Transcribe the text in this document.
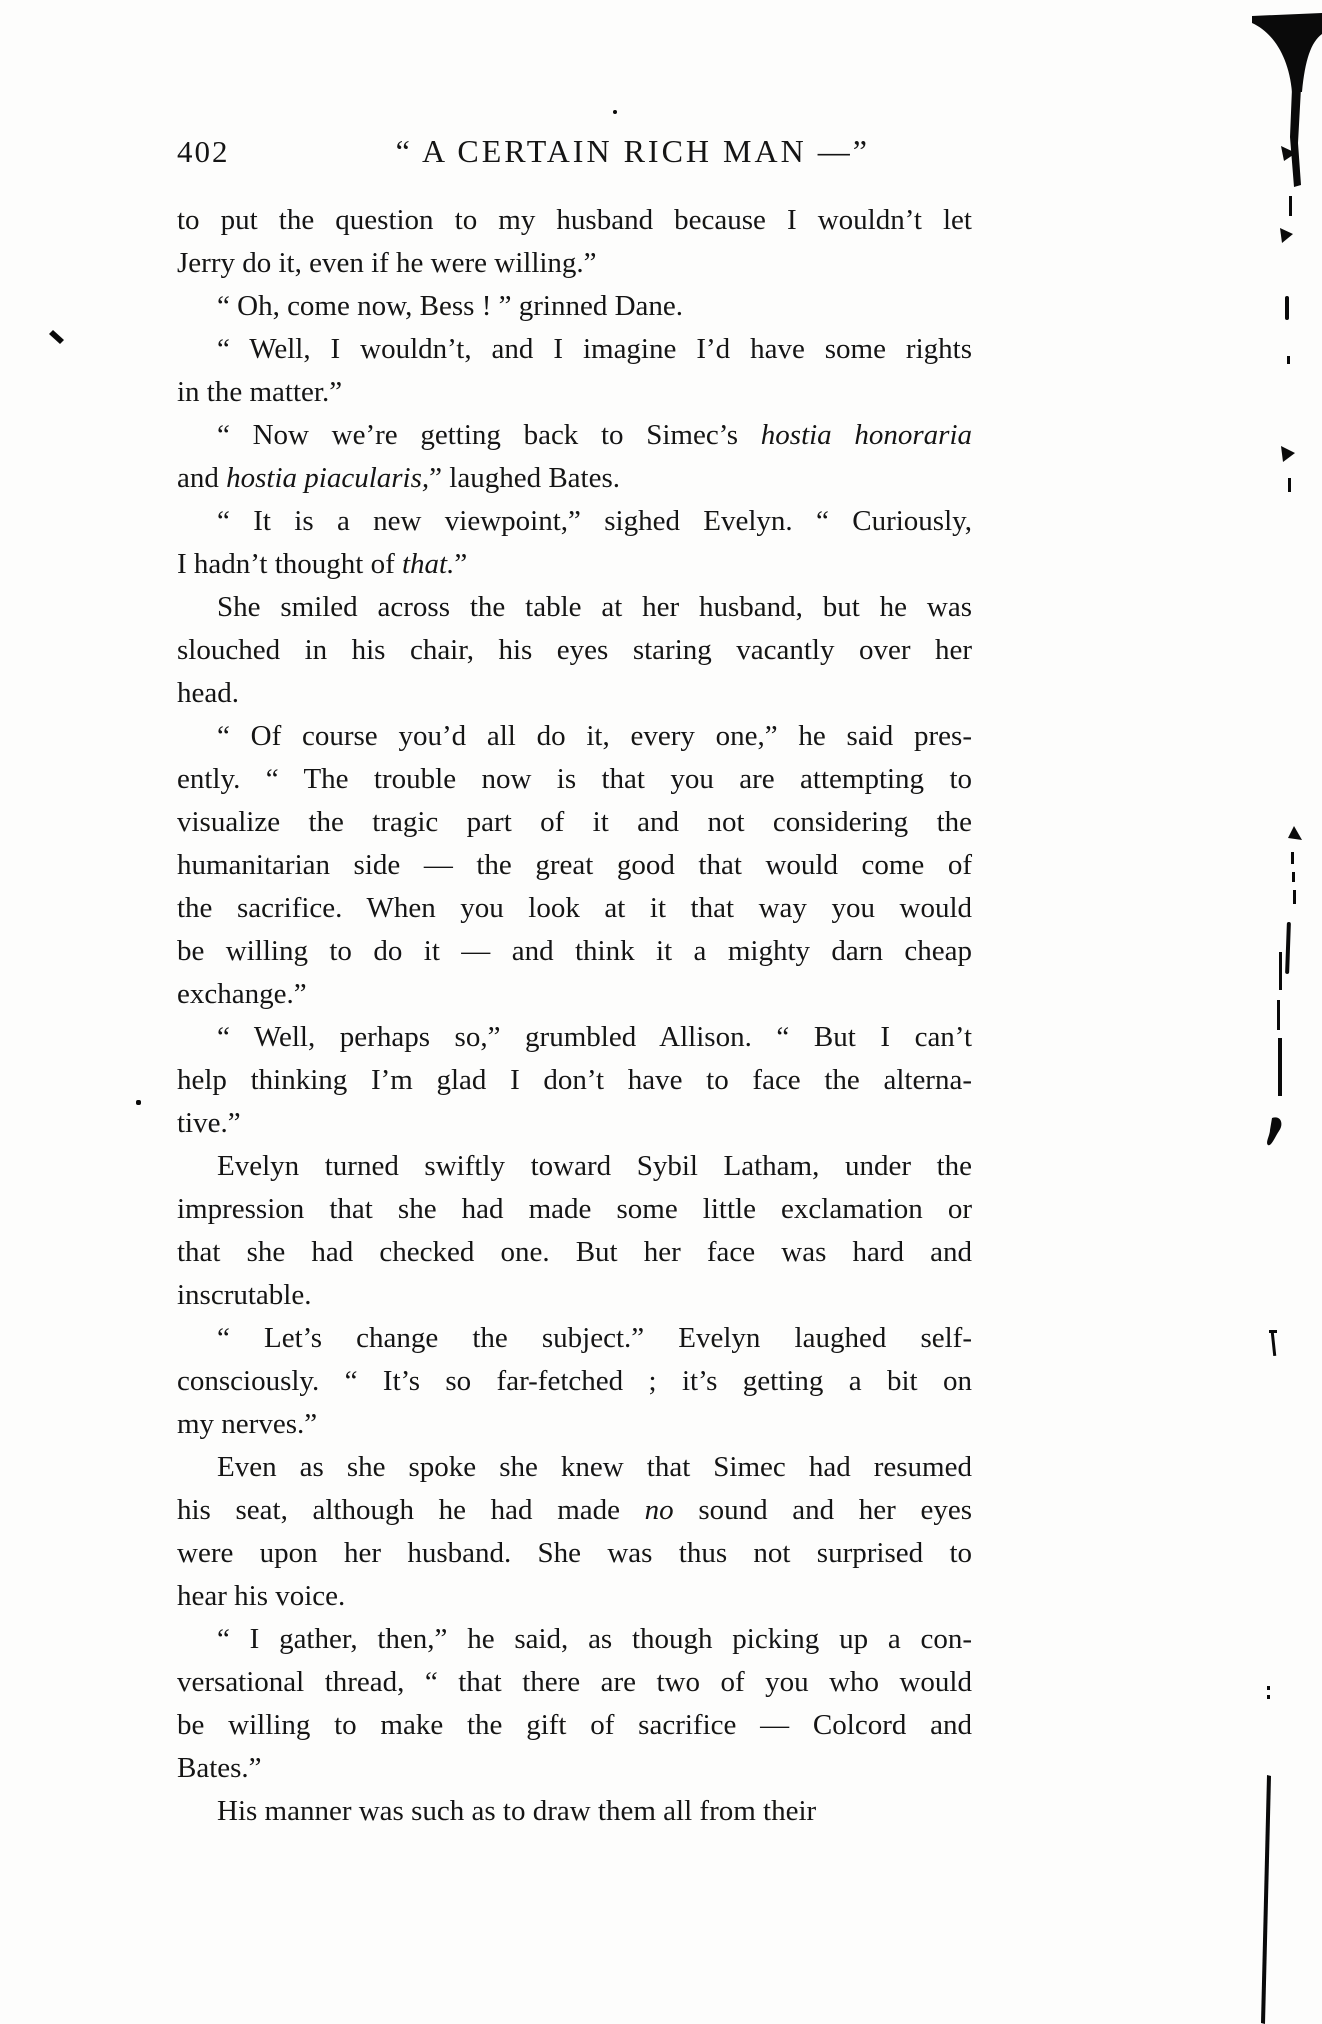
402	“ A CERTAIN RICH MAN —”
to put the question to my husband because I wouldn’t let
Jerry do it, even if he were willing.”
“ Oh, come now, Bess ! ” grinned Dane.
“ Well, I wouldn’t, and I imagine I’d have some rights
in the matter.”
“ Now we’re getting back to Simec’s hostia honoraria
and hostia piacularis,” laughed Bates.
“ It is a new viewpoint,” sighed Evelyn. “ Curiously,
I hadn’t thought of that.”
She smiled across the table at her husband, but he was
slouched in his chair, his eyes staring vacantly over her
head.
“ Of course you’d all do it, every one,” he said pres-
ently. “ The trouble now is that you are attempting to
visualize the tragic part of it and not considering the
humanitarian side — the great good that would come of
the sacrifice. When you look at it that way you would
be willing to do it — and think it a mighty darn cheap
exchange.”
“ Well, perhaps so,” grumbled Allison. “ But I can’t
help thinking I’m glad I don’t have to face the alterna-
tive.”
Evelyn turned swiftly toward Sybil Latham, under the
impression that she had made some little exclamation or
that she had checked one. But her face was hard and
inscrutable.
“ Let’s change the subject.” Evelyn laughed self-
consciously. “ It’s so far-fetched ; it’s getting a bit on
my nerves.”
Even as she spoke she knew that Simec had resumed
his seat, although he had made no sound and her eyes
were upon her husband. She was thus not surprised to
hear his voice.
“ I gather, then,” he said, as though picking up a con-
versational thread, “ that there are two of you who would
be willing to make the gift of sacrifice — Colcord and
Bates.”
His manner was such as to draw them all from their
